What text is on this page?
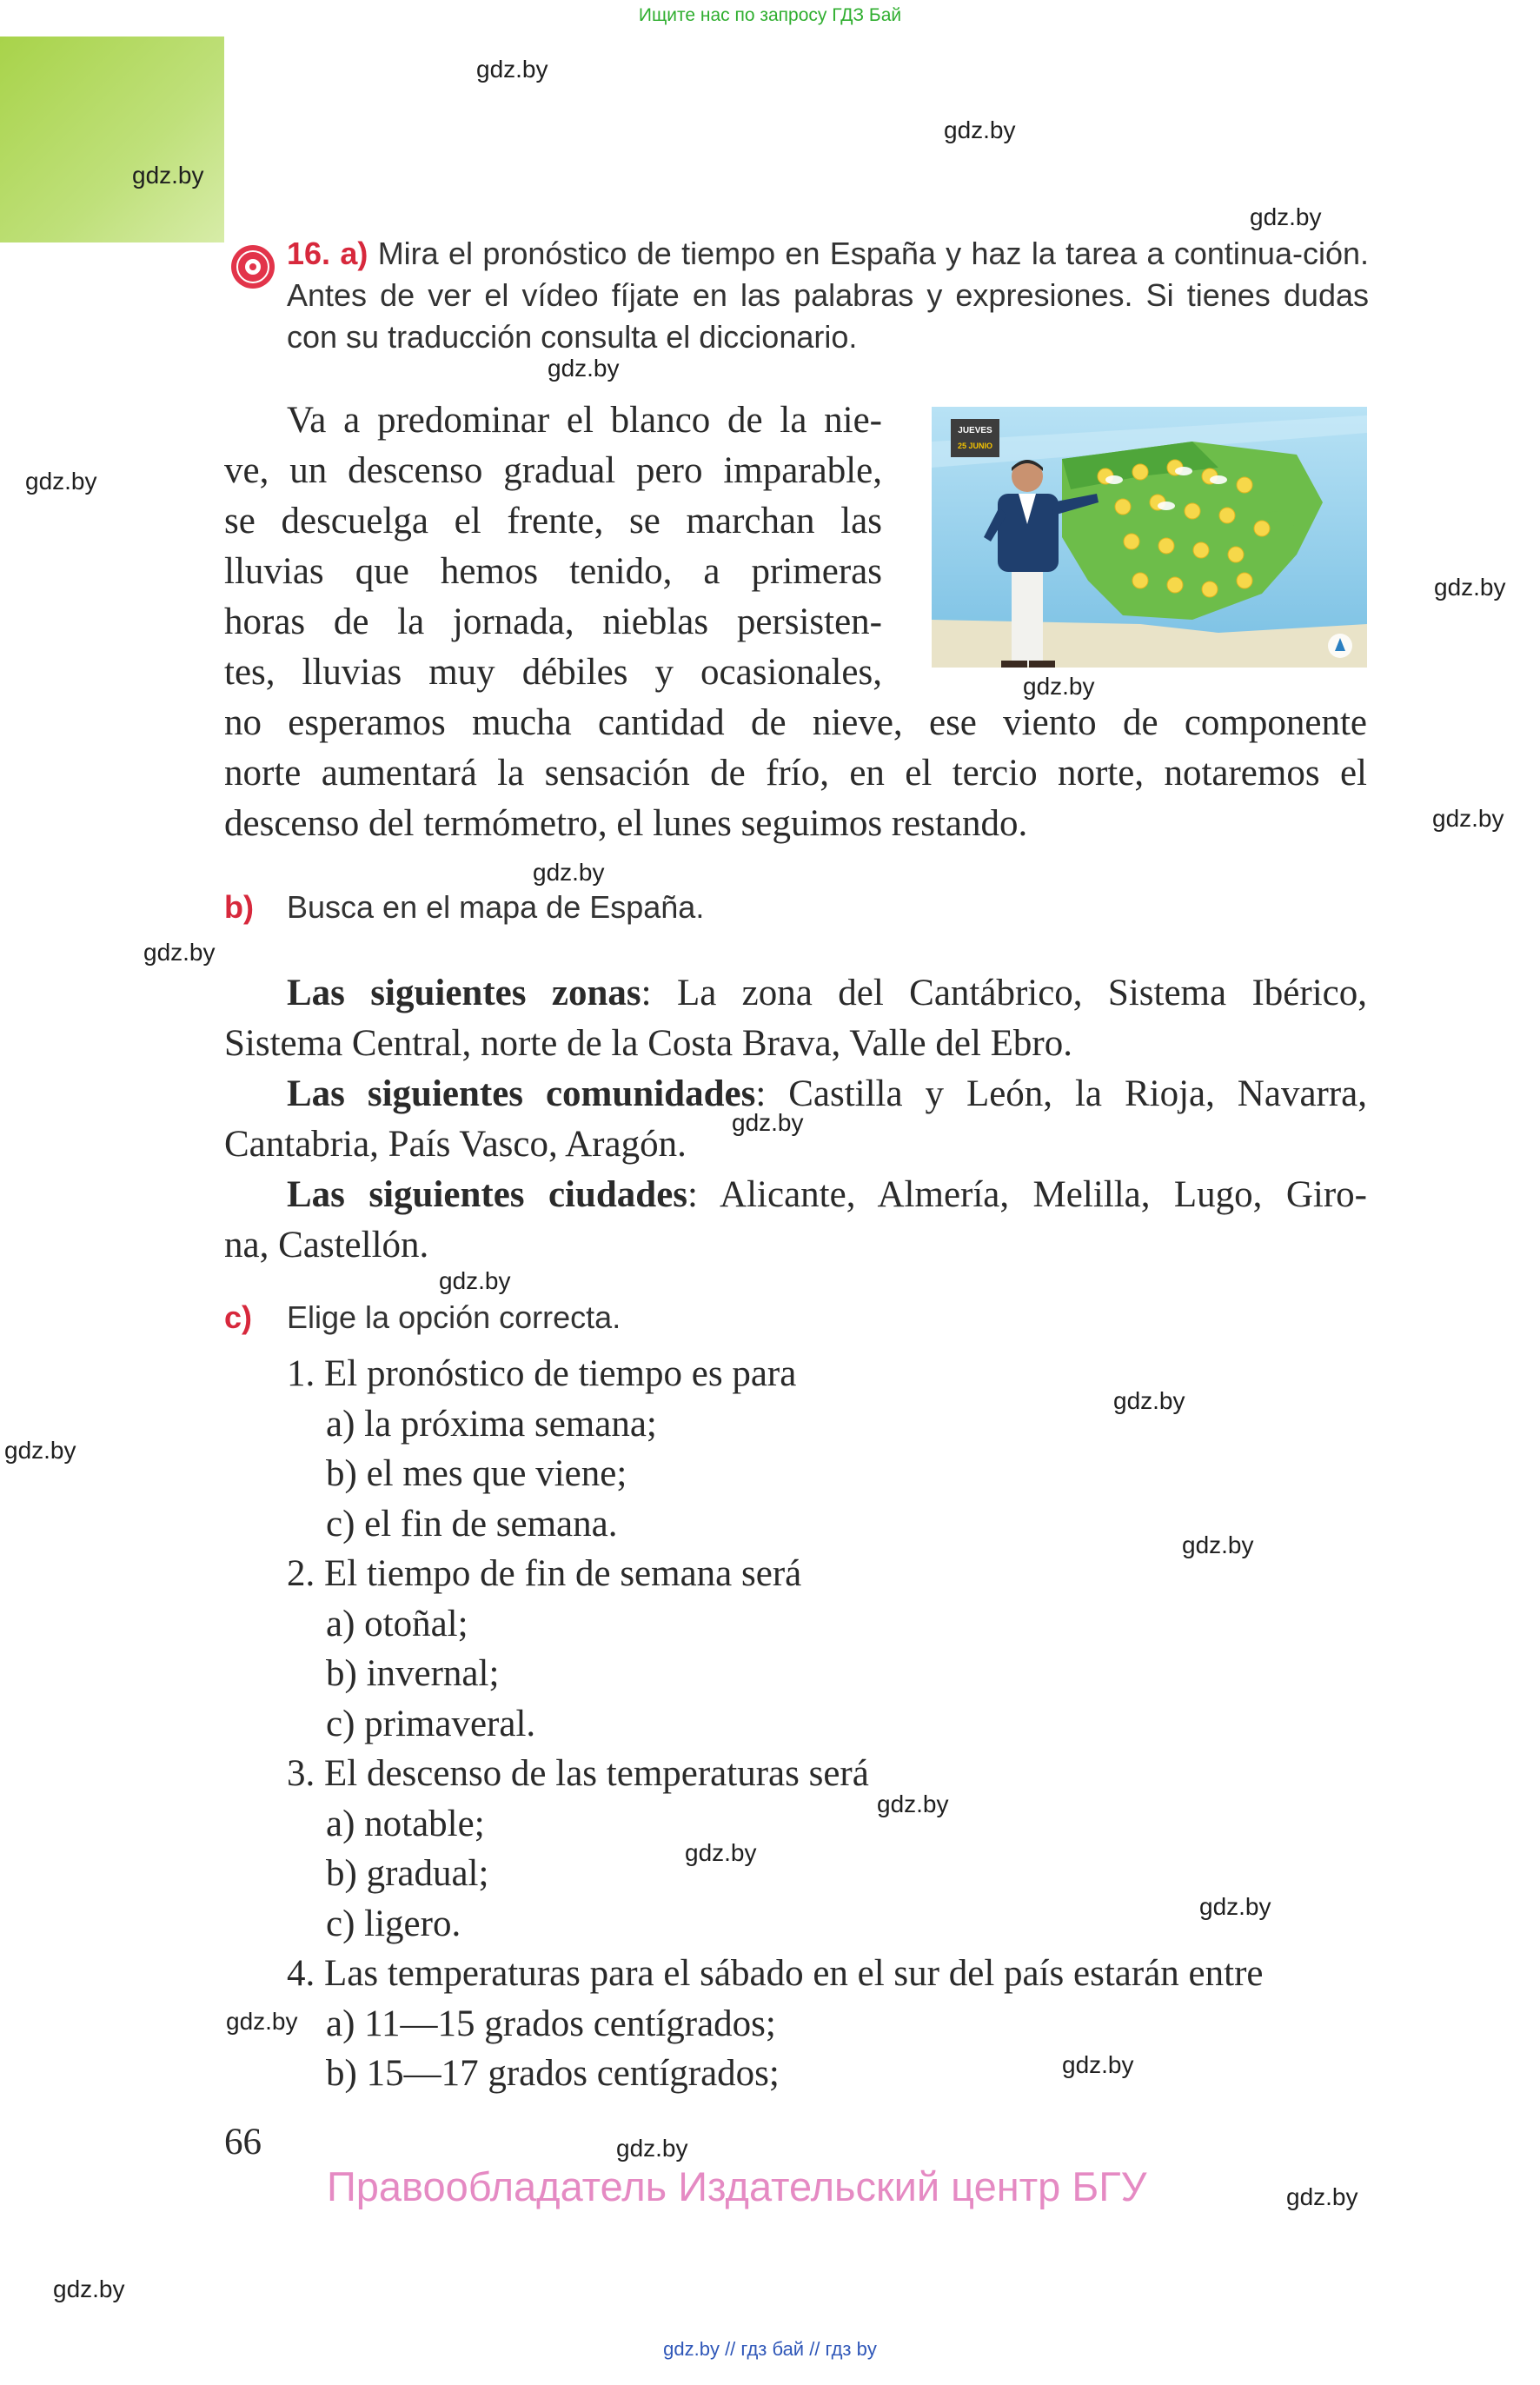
Ищите нас по запросу ГДЗ Бай
gdz.by
gdz.by
gdz.by
gdz.by
gdz.by
gdz.by
gdz.by
gdz.by
gdz.by
gdz.by
gdz.by
gdz.by
gdz.by
gdz.by
gdz.by
gdz.by
gdz.by
gdz.by
gdz.by
gdz.by
gdz.by
gdz.by
gdz.by
gdz.by
16. a) Mira el pronóstico de tiempo en España y haz la tarea a continua-ción. Antes de ver el vídeo fíjate en las palabras y expresiones. Si tienes dudas con su traducción consulta el diccionario.
Va a predominar el blanco de la nie-
ve, un descenso gradual pero imparable,
se descuelga el frente, se marchan las
lluvias que hemos tenido, a primeras
horas de la jornada, nieblas persisten-
tes, lluvias muy débiles y ocasionales,
JUEVES
25 JUNIO
no esperamos mucha cantidad de nieve, ese viento de componente
norte aumentará la sensación de frío, en el tercio norte, notaremos el
descenso del termómetro, el lunes seguimos restando.
b) Busca en el mapa de España.
Las siguientes zonas: La zona del Cantábrico, Sistema Ibérico,
Sistema Central, norte de la Costa Brava, Valle del Ebro.
Las siguientes comunidades: Castilla y León, la Rioja, Navarra,
Cantabria, País Vasco, Aragón.
Las siguientes ciudades: Alicante, Almería, Melilla, Lugo, Giro-
na, Castellón.
c) Elige la opción correcta.
1. El pronóstico de tiempo es para
a) la próxima semana;
b) el mes que viene;
c) el fin de semana.
2. El tiempo de fin de semana será
a) otoñal;
b) invernal;
c) primaveral.
3. El descenso de las temperaturas será
a) notable;
b) gradual;
c) ligero.
4. Las temperaturas para el sábado en el sur del país estarán entre
a) 11—15 grados centígrados;
b) 15—17 grados centígrados;
66
Правообладатель Издательский центр БГУ
gdz.by // гдз бай // гдз by
